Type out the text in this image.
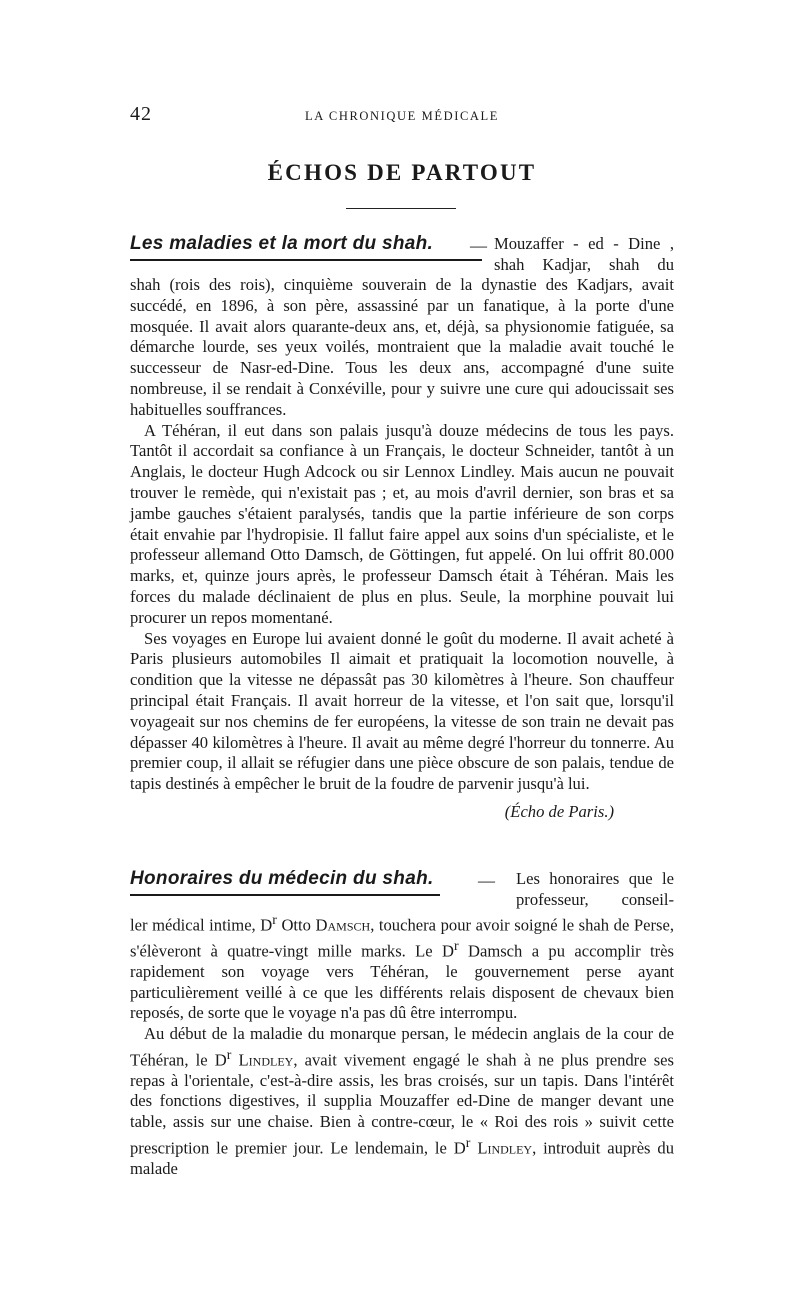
42	LA CHRONIQUE MÉDICALE
ÉCHOS DE PARTOUT
Les maladies et la mort du shah. — Mouzaffer - ed - Dine , shah Kadjar, shah du

shah (rois des rois), cinquième souverain de la dynastie des Kadjars, avait succédé, en 1896, à son père, assassiné par un fanatique, à la porte d'une mosquée. Il avait alors quarante-deux ans, et, déjà, sa physionomie fatiguée, sa démarche lourde, ses yeux voilés, montraient que la maladie avait touché le successeur de Nasr-ed-Dine. Tous les deux ans, accompagné d'une suite nombreuse, il se rendait à Conxéville, pour y suivre une cure qui adoucissait ses habituelles souffrances.

A Téhéran, il eut dans son palais jusqu'à douze médecins de tous les pays. Tantôt il accordait sa confiance à un Français, le docteur Schneider, tantôt à un Anglais, le docteur Hugh Adcock ou sir Lennox Lindley. Mais aucun ne pouvait trouver le remède, qui n'existait pas ; et, au mois d'avril dernier, son bras et sa jambe gauches s'étaient paralysés, tandis que la partie inférieure de son corps était envahie par l'hydropisie. Il fallut faire appel aux soins d'un spécialiste, et le professeur allemand Otto Damsch, de Göttingen, fut appelé. On lui offrit 80.000 marks, et, quinze jours après, le professeur Damsch était à Téhéran. Mais les forces du malade déclinaient de plus en plus. Seule, la morphine pouvait lui procurer un repos momentané.

Ses voyages en Europe lui avaient donné le goût du moderne. Il avait acheté à Paris plusieurs automobiles Il aimait et pratiquait la locomotion nouvelle, à condition que la vitesse ne dépassât pas 30 kilomètres à l'heure. Son chauffeur principal était Français. Il avait horreur de la vitesse, et l'on sait que, lorsqu'il voyageait sur nos chemins de fer européens, la vitesse de son train ne devait pas dépasser 40 kilomètres à l'heure. Il avait au même degré l'horreur du tonnerre. Au premier coup, il allait se réfugier dans une pièce obscure de son palais, tendue de tapis destinés à empêcher le bruit de la foudre de parvenir jusqu'à lui.

(Écho de Paris.)

Honoraires du médecin du shah.	— Les honoraires que le professeur, conseil-

ler médical intime, $D^r$ Otto Damsch, touchera pour avoir soigné le shah de Perse, s'élèveront à quatre-vingt mille marks. Le $D^r$ Damsch a pu accomplir très rapidement son voyage vers Téhéran, le gouvernement perse ayant particulièrement veillé à ce que les différents relais disposent de chevaux bien reposés, de sorte que le voyage n'a pas dû être interrompu.

Au début de la maladie du monarque persan, le médecin anglais de la cour de Téhéran, le $D^r$ Lindley, avait vivement engagé le shah à ne plus prendre ses repas à l'orientale, c'est-à-dire assis, les bras croisés, sur un tapis. Dans l'intérêt des fonctions digestives, il supplia Mouzaffer ed-Dine de manger devant une table, assis sur une chaise. Bien à contre-cœur, le « Roi des rois » suivit cette prescription le premier jour. Le lendemain, le $D^r$ Lindley, introduit auprès du malade
